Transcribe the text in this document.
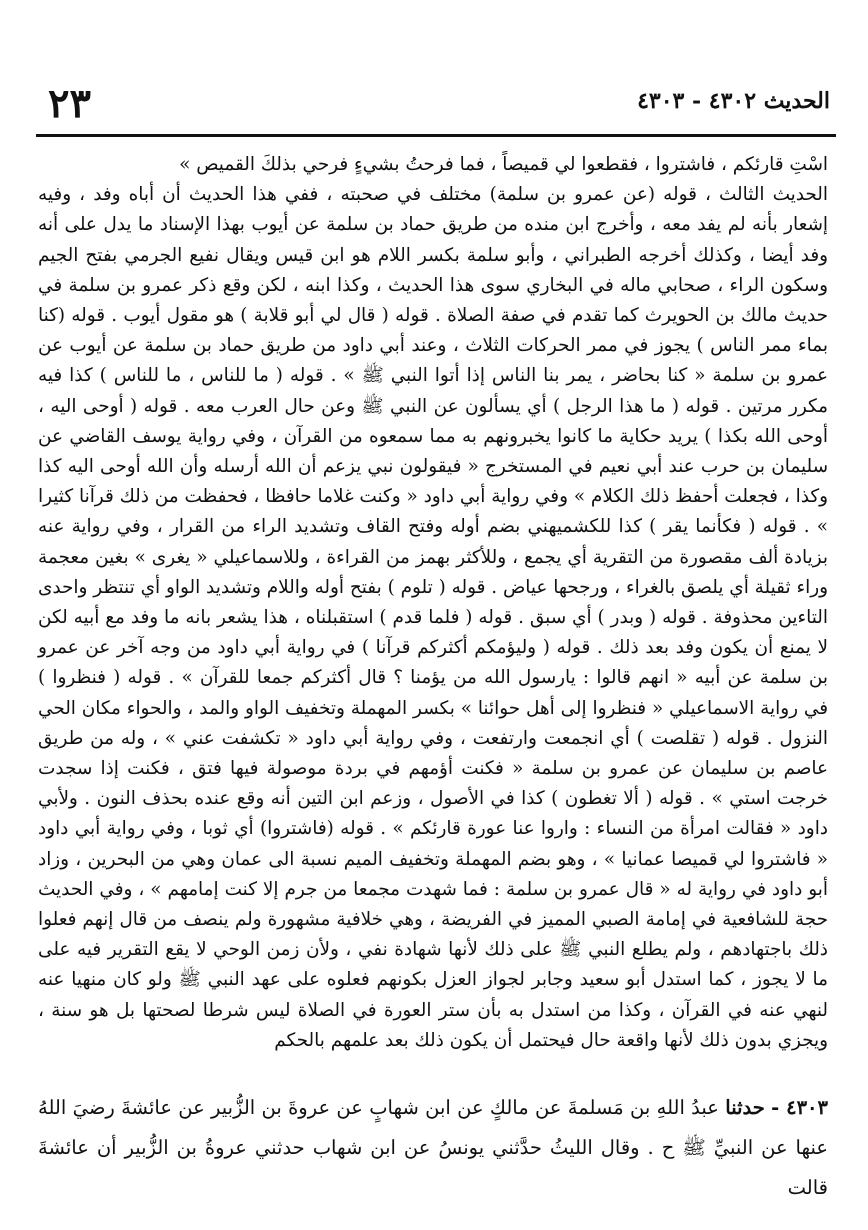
٢٣	الحديث ٤٣٠٢ - ٤٣٠٣

اسْتِ قارئكم ، فاشتروا ، فقطعوا لي قميصاً ، فما فرحتُ بشيءٍ فرحي بذلكَ القميص »

الحديث الثالث ، قوله (عن عمرو بن سلمة) مختلف في صحبته ، ففي هذا الحديث أن أباه وفد ، وفيه إشعار بأنه لم يفد معه ، وأخرج ابن منده من طريق حماد بن سلمة عن أيوب بهذا الإسناد ما يدل على أنه وفد أيضا ، وكذلك أخرجه الطبراني ، وأبو سلمة بكسر اللام هو ابن قيس ويقال نفيع الجرمي بفتح الجيم وسكون الراء ، صحابي ماله في البخاري سوى هذا الحديث ، وكذا ابنه ، لكن وقع ذكر عمرو بن سلمة في حديث مالك بن الحويرث كما تقدم في صفة الصلاة . قوله ( قال لي أبو قلابة ) هو مقول أيوب . قوله (كنا بماء ممر الناس ) يجوز في ممر الحركات الثلاث ، وعند أبي داود من طريق حماد بن سلمة عن أيوب عن عمرو بن سلمة « كنا بحاضر ، يمر بنا الناس إذا أتوا النبي ﷺ » . قوله ( ما للناس ، ما للناس ) كذا فيه مكرر مرتين . قوله ( ما هذا الرجل ) أي يسألون عن النبي ﷺ وعن حال العرب معه . قوله ( أوحى اليه ، أوحى الله بكذا ) يريد حكاية ما كانوا يخبرونهم به مما سمعوه من القرآن ، وفي رواية يوسف القاضي عن سليمان بن حرب عند أبي نعيم في المستخرج « فيقولون نبي يزعم أن الله أرسله وأن الله أوحى اليه كذا وكذا ، فجعلت أحفظ ذلك الكلام » وفي رواية أبي داود « وكنت غلاما حافظا ، فحفظت من ذلك قرآنا كثيرا » . قوله ( فكأنما يقر ) كذا للكشميهني بضم أوله وفتح القاف وتشديد الراء من القرار ، وفي رواية عنه بزيادة ألف مقصورة من التقرية أي يجمع ، وللأكثر بهمز من القراءة ، وللاسماعيلي « يغرى » بغين معجمة وراء ثقيلة أي يلصق بالغراء ، ورجحها عياض . قوله ( تلوم ) بفتح أوله واللام وتشديد الواو أي تنتظر واحدى التاءين محذوفة . قوله ( وبدر ) أي سبق . قوله ( فلما قدم ) استقبلناه ، هذا يشعر بانه ما وفد مع أبيه لكن لا يمنع أن يكون وفد بعد ذلك . قوله ( وليؤمكم أكثركم قرآنا ) في رواية أبي داود من وجه آخر عن عمرو بن سلمة عن أبيه « انهم قالوا : يارسول الله من يؤمنا ؟ قال أكثركم جمعا للقرآن » . قوله ( فنظروا ) في رواية الاسماعيلي « فنظروا إلى أهل حوائنا » بكسر المهملة وتخفيف الواو والمد ، والحواء مكان الحي النزول . قوله ( تقلصت ) أي انجمعت وارتفعت ، وفي رواية أبي داود « تكشفت عني » ، وله من طريق عاصم بن سليمان عن عمرو بن سلمة « فكنت أؤمهم في بردة موصولة فيها فتق ، فكنت إذا سجدت خرجت استي » . قوله ( ألا تغطون ) كذا في الأصول ، وزعم ابن التين أنه وقع عنده بحذف النون . ولأبي داود « فقالت امرأة من النساء : واروا عنا عورة قارئكم » . قوله (فاشتروا) أي ثوبا ، وفي رواية أبي داود « فاشتروا لي قميصا عمانيا » ، وهو بضم المهملة وتخفيف الميم نسبة الى عمان وهي من البحرين ، وزاد أبو داود في رواية له « قال عمرو بن سلمة : فما شهدت مجمعا من جرم إلا كنت إمامهم » ، وفي الحديث حجة للشافعية في إمامة الصبي المميز في الفريضة ، وهي خلافية مشهورة ولم ينصف من قال إنهم فعلوا ذلك باجتهادهم ، ولم يطلع النبي ﷺ على ذلك لأنها شهادة نفي ، ولأن زمن الوحي لا يقع التقرير فيه على ما لا يجوز ، كما استدل أبو سعيد وجابر لجواز العزل بكونهم فعلوه على عهد النبي ﷺ ولو كان منهيا عنه لنهي عنه في القرآن ، وكذا من استدل به بأن ستر العورة في الصلاة ليس شرطا لصحتها بل هو سنة ، ويجزي بدون ذلك لأنها واقعة حال فيحتمل أن يكون ذلك بعد علمهم بالحكم

٤٣٠٣ - حدثنا عبدُ اللهِ بن مَسلمةَ عن مالكٍ عن ابن شهابٍ عن عروةَ بن الزُّبير عن عائشةَ رضيَ اللهُ عنها عن النبيِّ ﷺ ح . وقال الليثُ حدَّثني يونسُ عن ابن شهاب حدثني عروةُ بن الزُّبير أن عائشةَ قالت
